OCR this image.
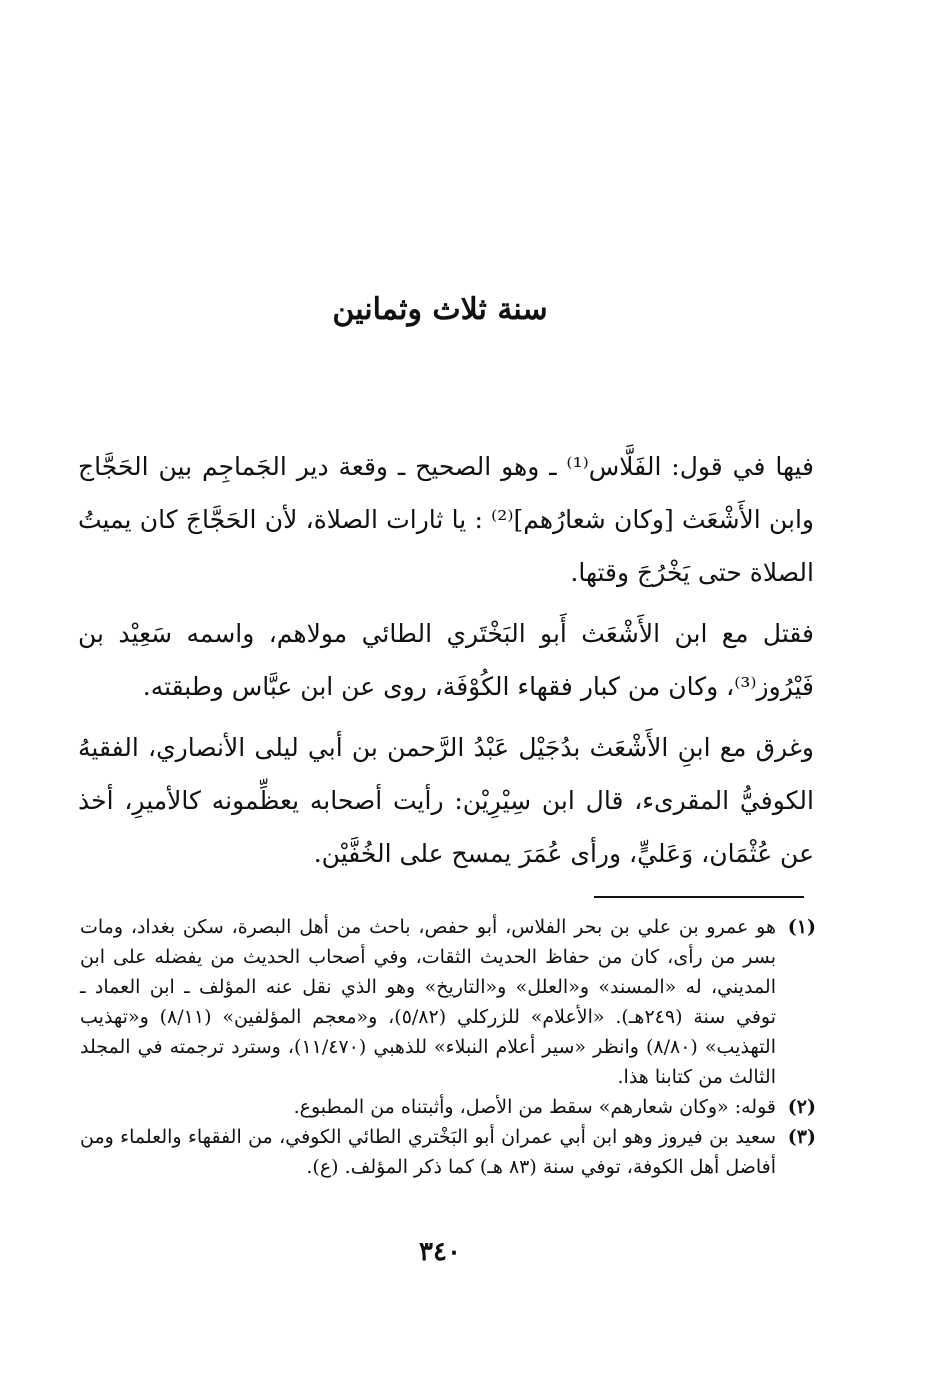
سنة ثلاث وثمانين

فيها في قول: الفَلَّاس⁽¹⁾ ـ وهو الصحيح ـ وقعة دير الجَماجِم بين الحَجَّاج وابن الأَشْعَث [وكان شعارُهم]⁽²⁾ : يا ثارات الصلاة، لأن الحَجَّاجَ كان يميتُ الصلاة حتى يَخْرُجَ وقتها.

فقتل مع ابن الأَشْعَث أَبو البَخْتَري الطائي مولاهم، واسمه سَعِيْد بن فَيْرُوز⁽³⁾، وكان من كبار فقهاء الكُوْفَة، روى عن ابن عبَّاس وطبقته.

وغرق مع ابنِ الأَشْعَث بدُجَيْل عَبْدُ الرَّحمن بن أبي ليلى الأنصاري، الفقيهُ الكوفيُّ المقرىء، قال ابن سِيْرِيْن: رأيت أصحابه يعظِّمونه كالأميرِ، أخذ عن عُثْمَان، وَعَليٍّ، ورأى عُمَرَ يمسح على الخُفَّيْن.

(١)
هو عمرو بن علي بن بحر الفلاس، أبو حفص، باحث من أهل البصرة، سكن بغداد، ومات بسر من رأى، كان من حفاظ الحديث الثقات، وفي أصحاب الحديث من يفضله على ابن المديني، له «المسند» و«العلل» و«التاريخ» وهو الذي نقل عنه المؤلف ـ ابن العماد ـ توفي سنة (٢٤٩هـ). «الأعلام» للزركلي (٥/٨٢)، و«معجم المؤلفين» (٨/١١) و«تهذيب التهذيب» (٨/٨٠) وانظر «سير أعلام النبلاء» للذهبي (١١/٤٧٠)، وسترد ترجمته في المجلد الثالث من كتابنا هذا.
(٢)
قوله: «وكان شعارهم» سقط من الأصل، وأثبتناه من المطبوع.
(٣)
سعيد بن فيروز وهو ابن أبي عمران أبو البَخْتري الطائي الكوفي، من الفقهاء والعلماء ومن أفاضل أهل الكوفة، توفي سنة (٨٣ هـ) كما ذكر المؤلف. (ع).
٣٤٠
